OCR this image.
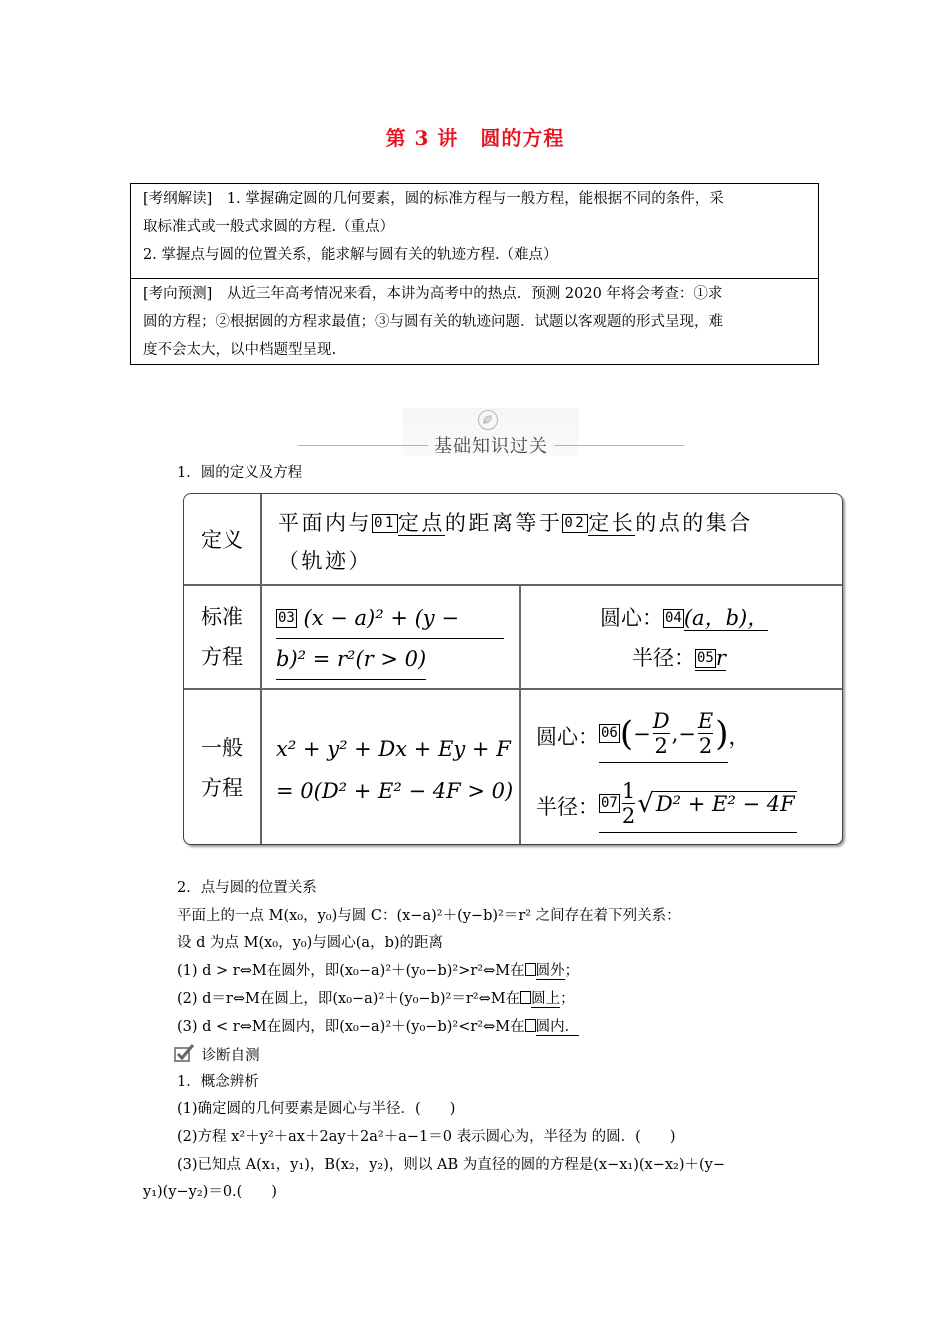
第 3 讲 圆的方程

[考纲解读]　1. 掌握确定圆的几何要素，圆的标准方程与一般方程，能根据不同的条件，采

取标准式或一般式求圆的方程.（重点）

2. 掌握点与圆的位置关系，能求解与圆有关的轨迹方程.（难点）

[考向预测]　从近三年高考情况来看，本讲为高考中的热点．预测 2020 年将会考查：①求

圆的方程；②根据圆的方程求最值；③与圆有关的轨迹问题．试题以客观题的形式呈现，难

度不会太大，以中档题型呈现.

基础知识过关
1．圆的定义及方程
定义
平面内与 01定点的距离等于 02定长的点的集合
（轨迹）
标准
方程
03 (x − a)² + (y −
b)² = r²(r > 0)
圆心： 04(a，b)，
半径： 05r
一般
方程
x² + y² + Dx + Ey + F
= 0(D² + E² − 4F > 0)
圆心： 06 ( − $\frac{D}{2}$ ,− $\frac{E}{2}$ ) ，
半径： $07 \frac{1}{2}$ √ D² + E² − 4F
2．点与圆的位置关系
平面上的一点 M(x₀，y₀)与圆 C：(x−a)²＋(y−b)²＝r² 之间存在着下列关系：
设 d 为点 M(x₀，y₀)与圆心(a，b)的距离
(1) d > r⇔M在圆外，即(x₀−a)²＋(y₀−b)²>r²⇔M在 圆外；
(2) d＝r⇔M在圆上，即(x₀−a)²＋(y₀−b)²＝r²⇔M在 圆上；
(3) d < r⇔M在圆内，即(x₀−a)²＋(y₀−b)²<r²⇔M在 圆内．
诊断自测
1．概念辨析
(1)确定圆的几何要素是圆心与半径．(　　)
(2)方程 x²＋y²＋ax＋2ay＋2a²＋a−1＝0 表示圆心为，半径为 的圆．(　　)
(3)已知点 A(x₁，y₁)，B(x₂，y₂)，则以 AB 为直径的圆的方程是(x−x₁)(x−x₂)＋(y−
y₁)(y−y₂)＝0.(　　)
